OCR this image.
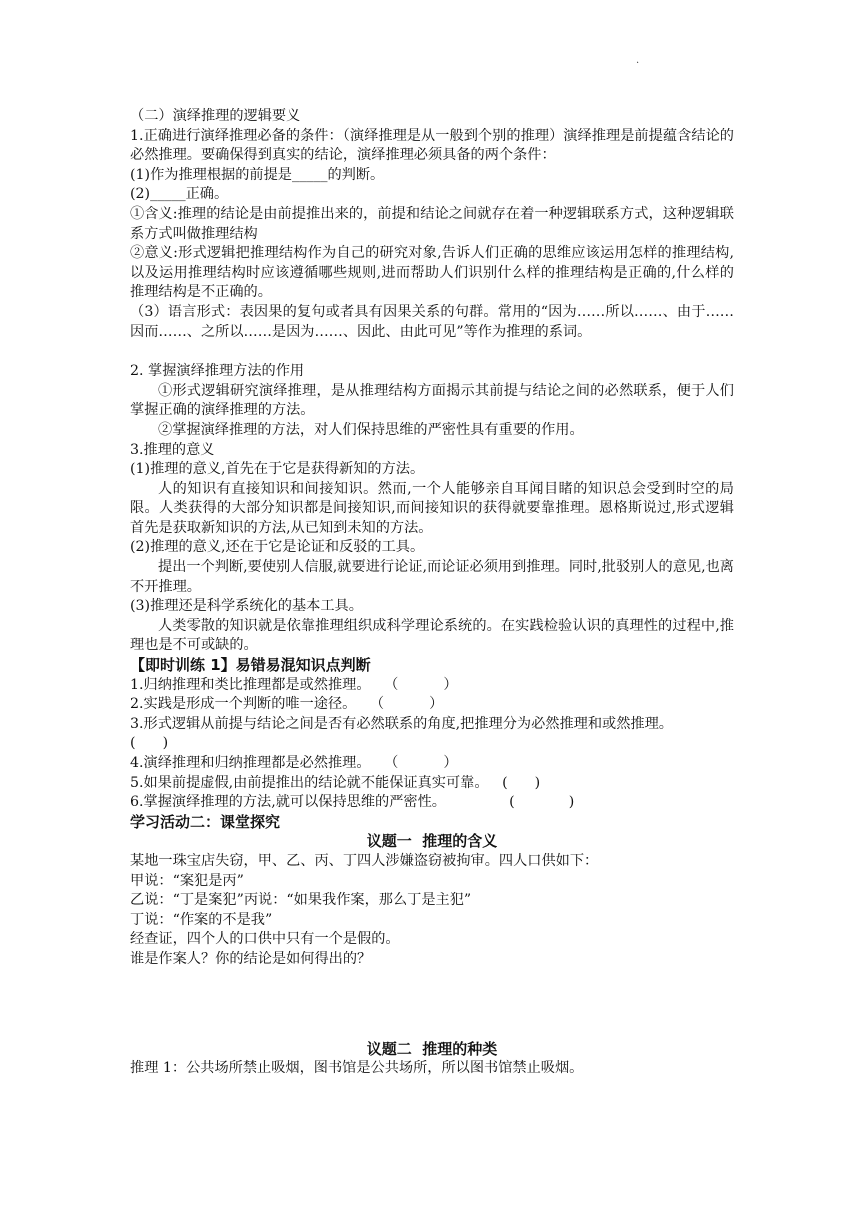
.
（二）演绎推理的逻辑要义
1.正确进行演绎推理必备的条件：（演绎推理是从一般到个别的推理）演绎推理是前提蕴含结论的必然推理。要确保得到真实的结论，演绎推理必须具备的两个条件：
(1)作为推理根据的前提是_____的判断。
(2)_____正确。
①含义:推理的结论是由前提推出来的，前提和结论之间就存在着一种逻辑联系方式，这种逻辑联系方式叫做推理结构
②意义:形式逻辑把推理结构作为自己的研究对象,告诉人们正确的思维应该运用怎样的推理结构,以及运用推理结构时应该遵循哪些规则,进而帮助人们识别什么样的推理结构是正确的,什么样的推理结构是不正确的。
（3）语言形式：表因果的复句或者具有因果关系的句群。常用的“因为……所以……、由于……因而……、之所以……是因为……、因此、由此可见”等作为推理的系词。
2. 掌握演绎推理方法的作用
①形式逻辑研究演绎推理，是从推理结构方面揭示其前提与结论之间的必然联系，便于人们掌握正确的演绎推理的方法。
②掌握演绎推理的方法，对人们保持思维的严密性具有重要的作用。
3.推理的意义
(1)推理的意义,首先在于它是获得新知的方法。
人的知识有直接知识和间接知识。然而,一个人能够亲自耳闻目睹的知识总会受到时空的局限。人类获得的大部分知识都是间接知识,而间接知识的获得就要靠推理。恩格斯说过,形式逻辑首先是获取新知识的方法,从已知到未知的方法。
(2)推理的意义,还在于它是论证和反驳的工具。
提出一个判断,要使别人信服,就要进行论证,而论证必须用到推理。同时,批驳别人的意见,也离不开推理。
(3)推理还是科学系统化的基本工具。
人类零散的知识就是依靠推理组织成科学理论系统的。在实践检验认识的真理性的过程中,推理也是不可或缺的。
【即时训练 1】易错易混知识点判断
1.归纳推理和类比推理都是或然推理。   （          ）
2.实践是形成一个判断的唯一途径。   （          ）
3.形式逻辑从前提与结论之间是否有必然联系的角度,把推理分为必然推理和或然推理。
(      )
4.演绎推理和归纳推理都是必然推理。   （          ）
5.如果前提虚假,由前提推出的结论就不能保证真实可靠。   (      )
6.掌握演绎推理的方法,就可以保持思维的严密性。              (            )
学习活动二：课堂探究
议题一  推理的含义
某地一珠宝店失窃，甲、乙、丙、丁四人涉嫌盗窃被拘审。四人口供如下：
甲说：“案犯是丙”
乙说：“丁是案犯”丙说：“如果我作案，那么丁是主犯”
丁说：“作案的不是我”
经查证，四个人的口供中只有一个是假的。
谁是作案人？你的结论是如何得出的？
议题二  推理的种类
推理 1：公共场所禁止吸烟，图书馆是公共场所，所以图书馆禁止吸烟。
